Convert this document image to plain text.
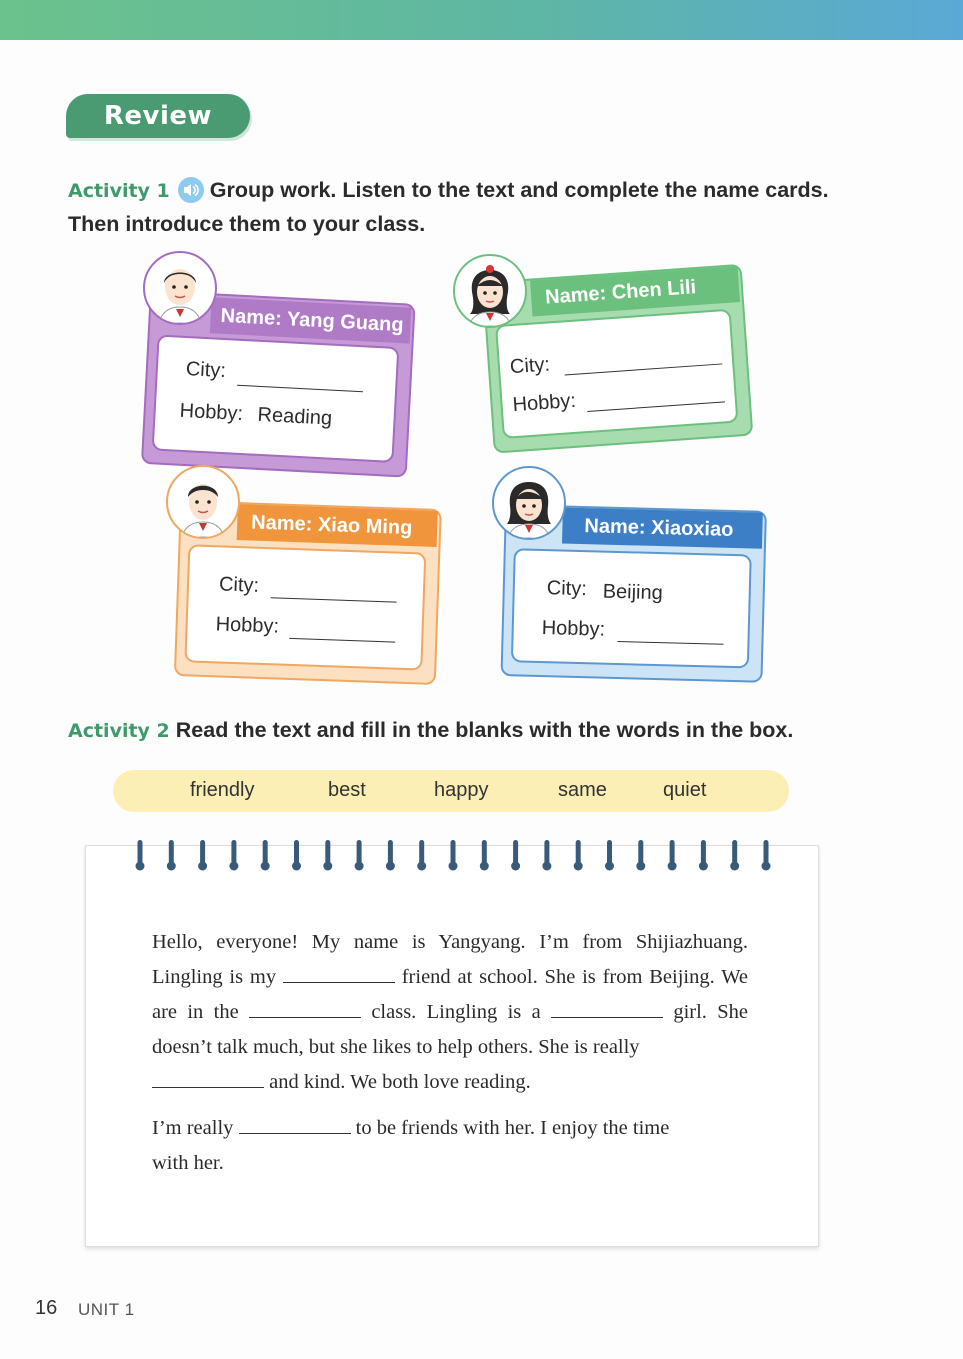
Review
Activity 1 Group work. Listen to the text and complete the name cards.
Then introduce them to your class.
Name: Yang Guang
City:
Hobby: Reading
Name: Chen Lili
City:
Hobby:
Name: Xiao Ming
City:
Hobby:
Name: Xiaoxiao
City: Beijing
Hobby:
Activity 2 Read the text and fill in the blanks with the words in the box.
friendly	best	happy	same	quiet

Hello, everyone! My name is Yangyang. I’m from Shijiazhuang. Lingling is my	friend at school. She is from Beijing. We are in the	class. Lingling is a	girl. She doesn’t talk much, but she likes to help others. She is really
and kind. We both love reading.

I’m really	to be friends with her. I enjoy the time
with her.

16 UNIT 1
